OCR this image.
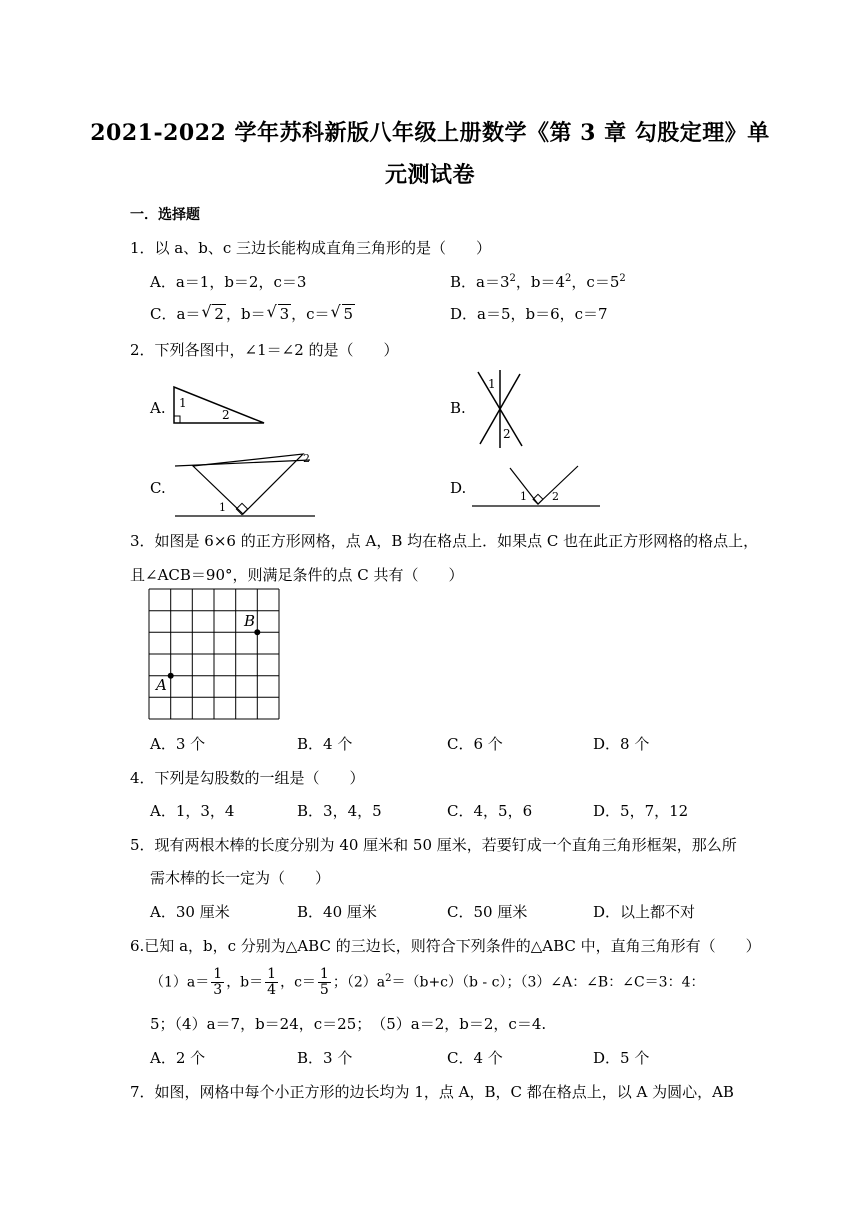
2021-2022 学年苏科新版八年级上册数学《第 3 章 勾股定理》单
元测试卷
一．选择题
1．以 a、b、c 三边长能构成直角三角形的是（　　）
A．a＝1，b＝2，c＝3	B．$a=3^2$，$b=4^2$，$c=5^2$
C．a＝ √ 2 ，b＝ √ 3 ，c＝ √ 5	D．a＝5，b＝6，c＝7
2．下列各图中，∠1＝∠2 的是（　　）
A.	B.
C.	D.
1
2
1
2
1
2
1 2
3．如图是 6×6 的正方形网格，点 A，B 均在格点上．如果点 C 也在此正方形网格的格点上，
且∠ACB＝90°，则满足条件的点 C 共有（　　）
B
A
A．3 个	B．4 个	C．6 个	D．8 个
4．下列是勾股数的一组是（　　）
A．1，3，4	B．3，4，5	C．4，5，6	D．5，7，12
5．现有两根木棒的长度分别为 40 厘米和 50 厘米，若要钉成一个直角三角形框架，那么所
需木棒的长一定为（　　）
A．30 厘米	B．40 厘米	C．50 厘米	D．以上都不对
6.已知 a，b，c 分别为△ABC 的三边长，则符合下列条件的△ABC 中，直角三角形有（　　）
$(1)a= \frac{1}{3}$ ，$b= \frac{1}{4}$ ，$c= \frac{1}{5}$ ；$(2)a^2=(b+c)(b - c)$；（3）∠A：∠B：∠C＝3：4：
5；（4）a＝7，b＝24，c＝25；　（5）a＝2，b＝2，c＝4.
A．2 个	B．3 个	C．4 个	D．5 个
7．如图，网格中每个小正方形的边长均为 1，点 A，B，C 都在格点上，以 A 为圆心，AB
